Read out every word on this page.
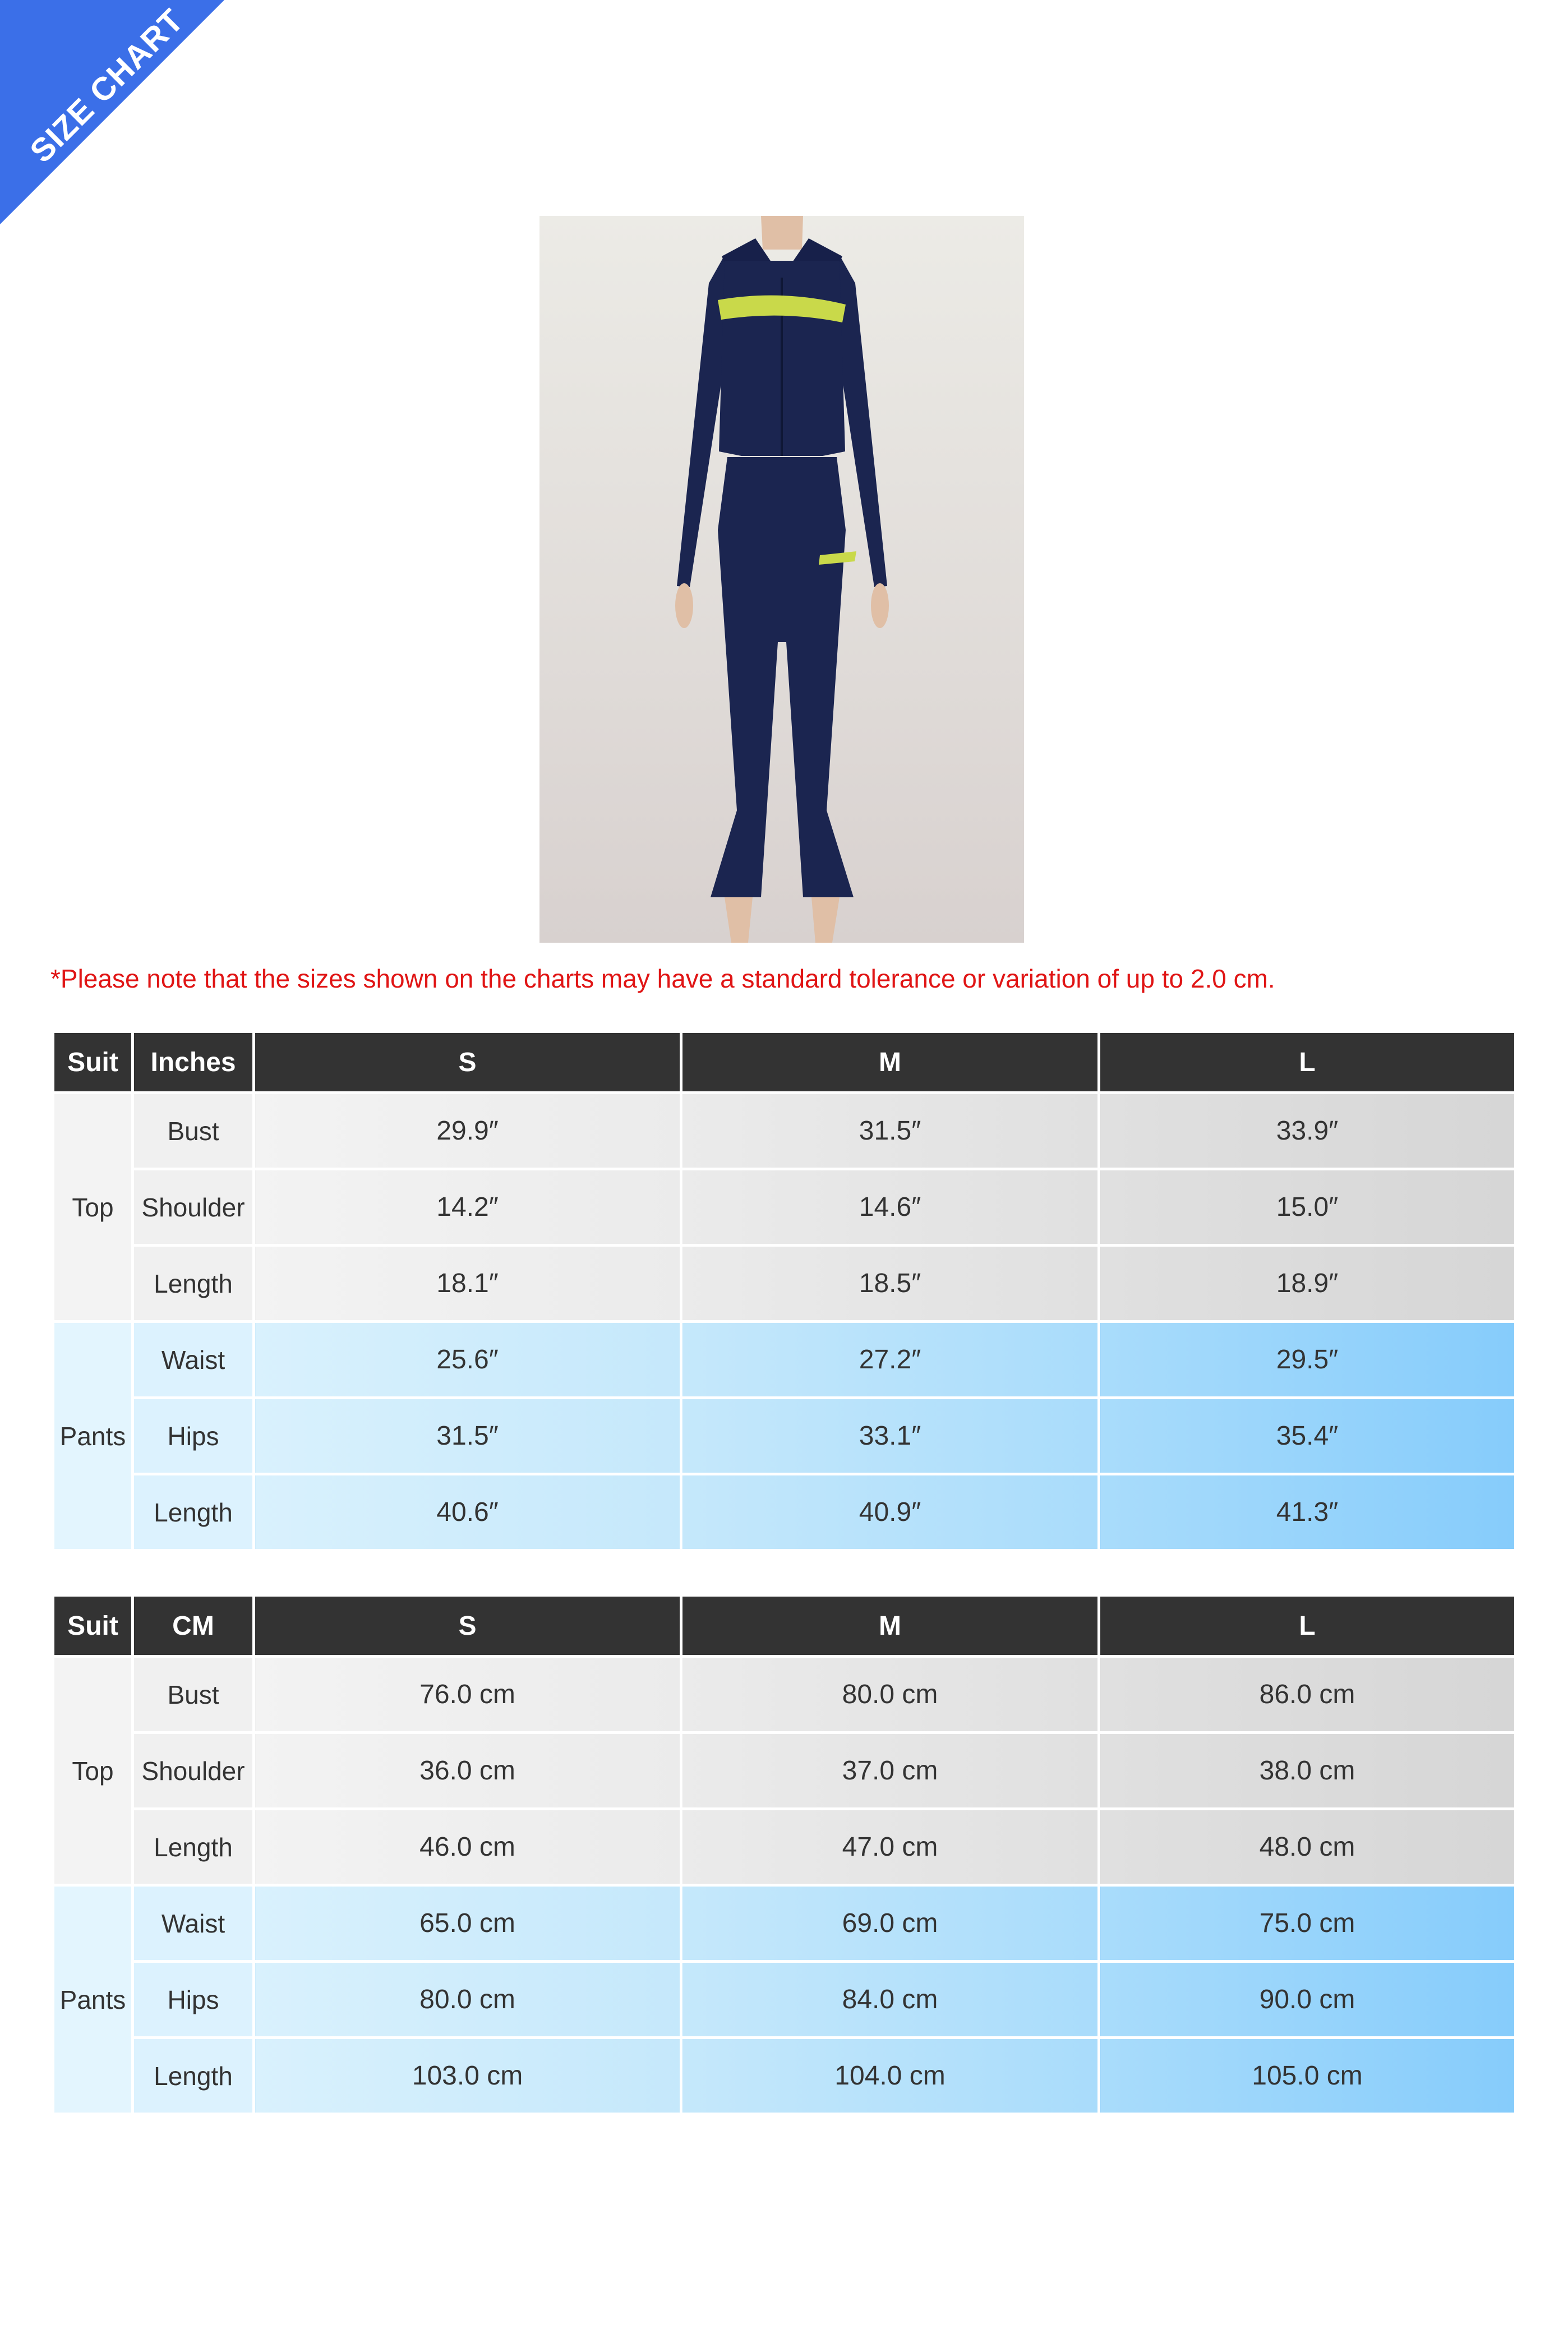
SIZE CHART
*Please note that the sizes shown on the charts may have a standard tolerance or variation of up to 2.0 cm.
Suit	Inches	S	M	L
Top	Bust	29.9″	31.5″	33.9″
	Shoulder	14.2″	14.6″	15.0″
	Length	18.1″	18.5″	18.9″
Pants	Waist	25.6″	27.2″	29.5″
	Hips	31.5″	33.1″	35.4″
	Length	40.6″	40.9″	41.3″
Suit	CM	S	M	L
Top	Bust	76.0 cm	80.0 cm	86.0 cm
	Shoulder	36.0 cm	37.0 cm	38.0 cm
	Length	46.0 cm	47.0 cm	48.0 cm
Pants	Waist	65.0 cm	69.0 cm	75.0 cm
	Hips	80.0 cm	84.0 cm	90.0 cm
	Length	103.0 cm	104.0 cm	105.0 cm
